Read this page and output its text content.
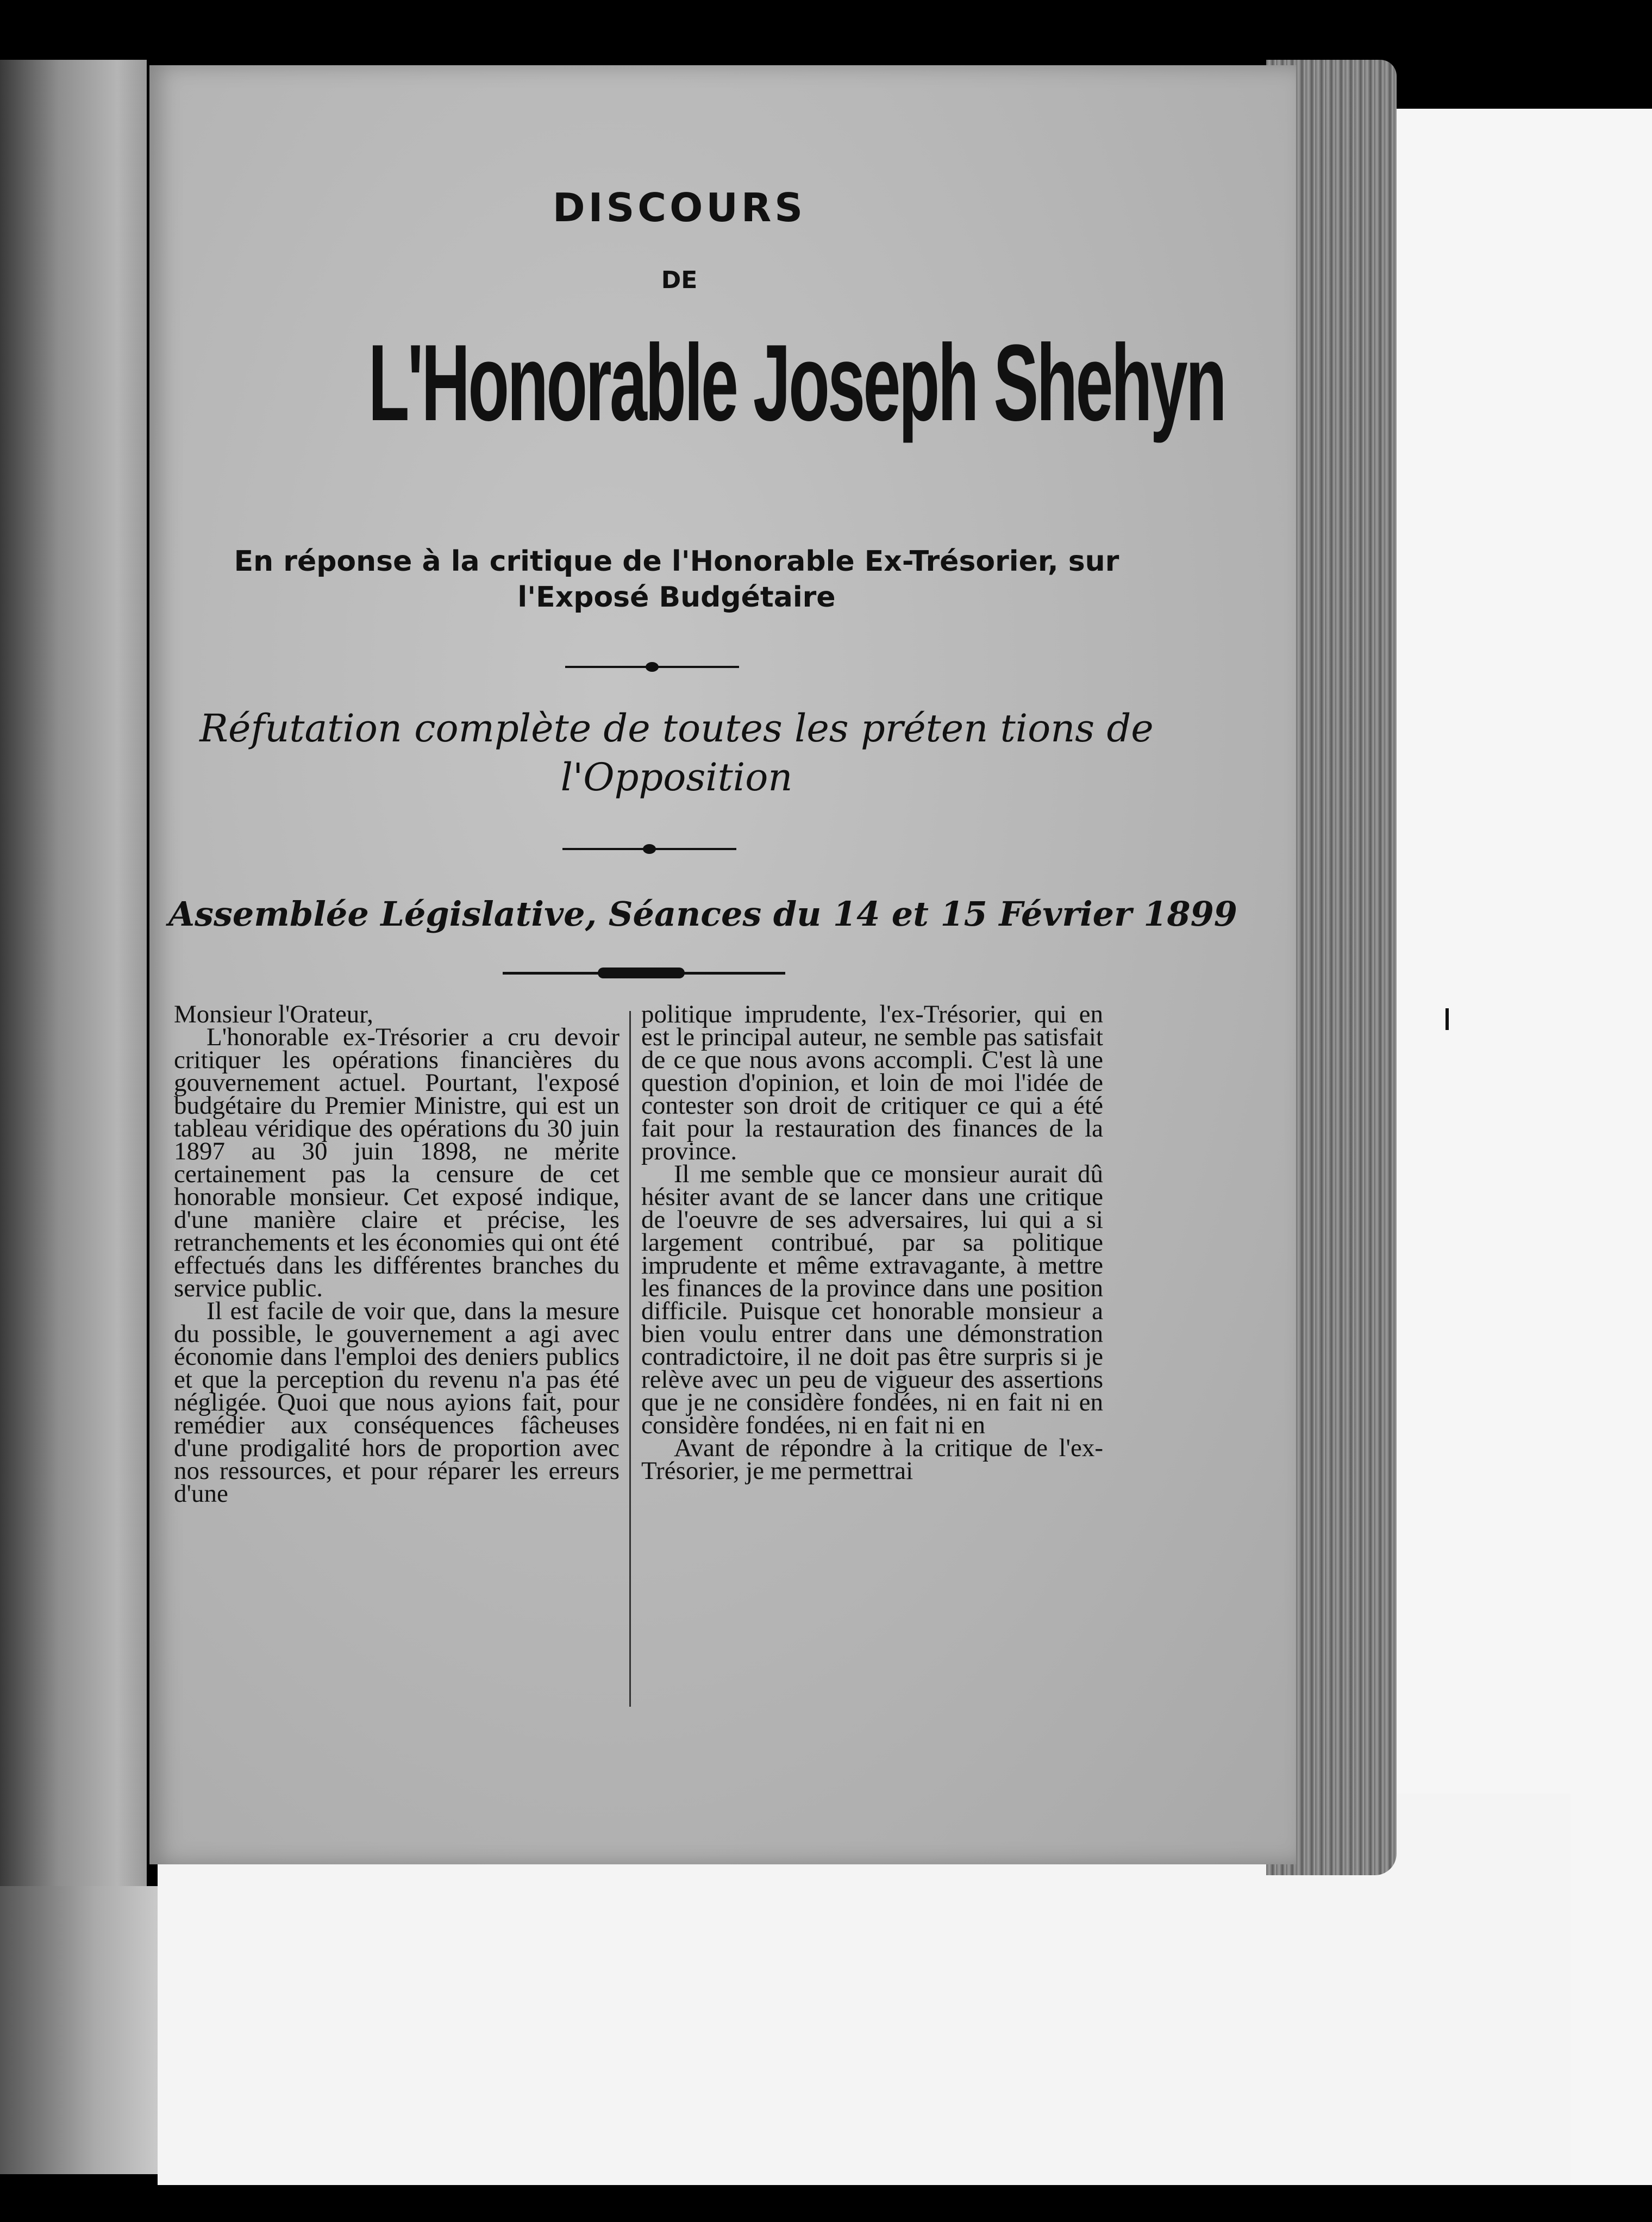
DISCOURS
DE
L'Honorable Joseph Shehyn
En réponse à la critique de l'Honorable Ex-Trésorier, sur l'Exposé Budgétaire
Réfutation complète de toutes les préten tions de l'Opposition
Assemblée Législative, Séances du 14 et 15 Février 1899

Monsieur l'Orateur,

L'honorable ex-Trésorier a cru devoir critiquer les opérations financières du gouvernement actuel. Pourtant, l'exposé budgétaire du Premier Ministre, qui est un tableau véridique des opérations du 30 juin 1897 au 30 juin 1898, ne mérite certainement pas la censure de cet honorable monsieur. Cet exposé indique, d'une manière claire et précise, les retranchements et les économies qui ont été effectués dans les différentes branches du service public.

Il est facile de voir que, dans la mesure du possible, le gouvernement a agi avec économie dans l'emploi des deniers publics et que la perception du revenu n'a pas été négligée. Quoi que nous ayions fait, pour remédier aux conséquences fâcheuses d'une prodigalité hors de proportion avec nos ressources, et pour réparer les erreurs d'une

politique imprudente, l'ex-Trésorier, qui en est le principal auteur, ne semble pas satisfait de ce que nous avons accompli. C'est là une question d'opinion, et loin de moi l'idée de contester son droit de critiquer ce qui a été fait pour la restauration des finances de la province.

Il me semble que ce monsieur aurait dû hésiter avant de se lancer dans une critique de l'oeuvre de ses adversaires, lui qui a si largement contribué, par sa politique imprudente et même extravagante, à mettre les finances de la province dans une position difficile. Puisque cet honorable monsieur a bien voulu entrer dans une démonstration contradictoire, il ne doit pas être surpris si je relève avec un peu de vigueur des assertions que je ne considère fondées, ni en fait ni en considère fondées, ni en fait ni en

Avant de répondre à la critique de l'ex-Trésorier, je me permettrai
